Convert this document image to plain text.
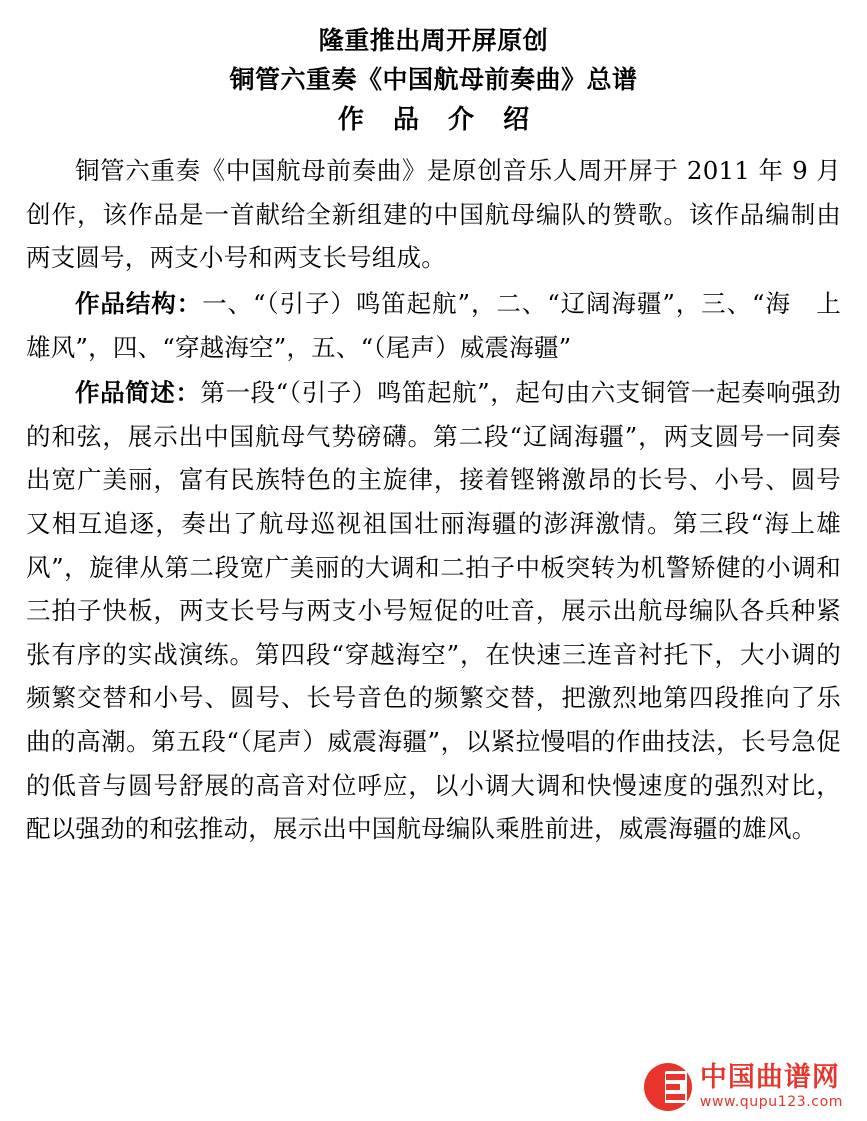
隆重推出周开屏原创
铜管六重奏《中国航母前奏曲》总谱
作 品 介 绍

铜管六重奏《中国航母前奏曲》是原创音乐人周开屏于 2011 年 9 月创作，该作品是一首献给全新组建的中国航母编队的赞歌。该作品编制由两支圆号，两支小号和两支长号组成。

作品结构：一、“（引子）鸣笛起航”，二、“辽阔海疆”，三、“海　上雄风”，四、“穿越海空”，五、“（尾声）威震海疆”

作品简述：第一段“（引子）鸣笛起航”，起句由六支铜管一起奏响强劲的和弦，展示出中国航母气势磅礴。第二段“辽阔海疆”，两支圆号一同奏出宽广美丽，富有民族特色的主旋律，接着铿锵激昂的长号、小号、圆号又相互追逐，奏出了航母巡视祖国壮丽海疆的澎湃激情。第三段“海上雄风”，旋律从第二段宽广美丽的大调和二拍子中板突转为机警矫健的小调和三拍子快板，两支长号与两支小号短促的吐音，展示出航母编队各兵种紧张有序的实战演练。第四段“穿越海空”，在快速三连音衬托下，大小调的频繁交替和小号、圆号、长号音色的频繁交替，把激烈地第四段推向了乐曲的高潮。第五段“（尾声）威震海疆”，以紧拉慢唱的作曲技法，长号急促的低音与圆号舒展的高音对位呼应，以小调大调和快慢速度的强烈对比，配以强劲的和弦推动，展示出中国航母编队乘胜前进，威震海疆的雄风。

中国曲谱网
www.qupu123.com
